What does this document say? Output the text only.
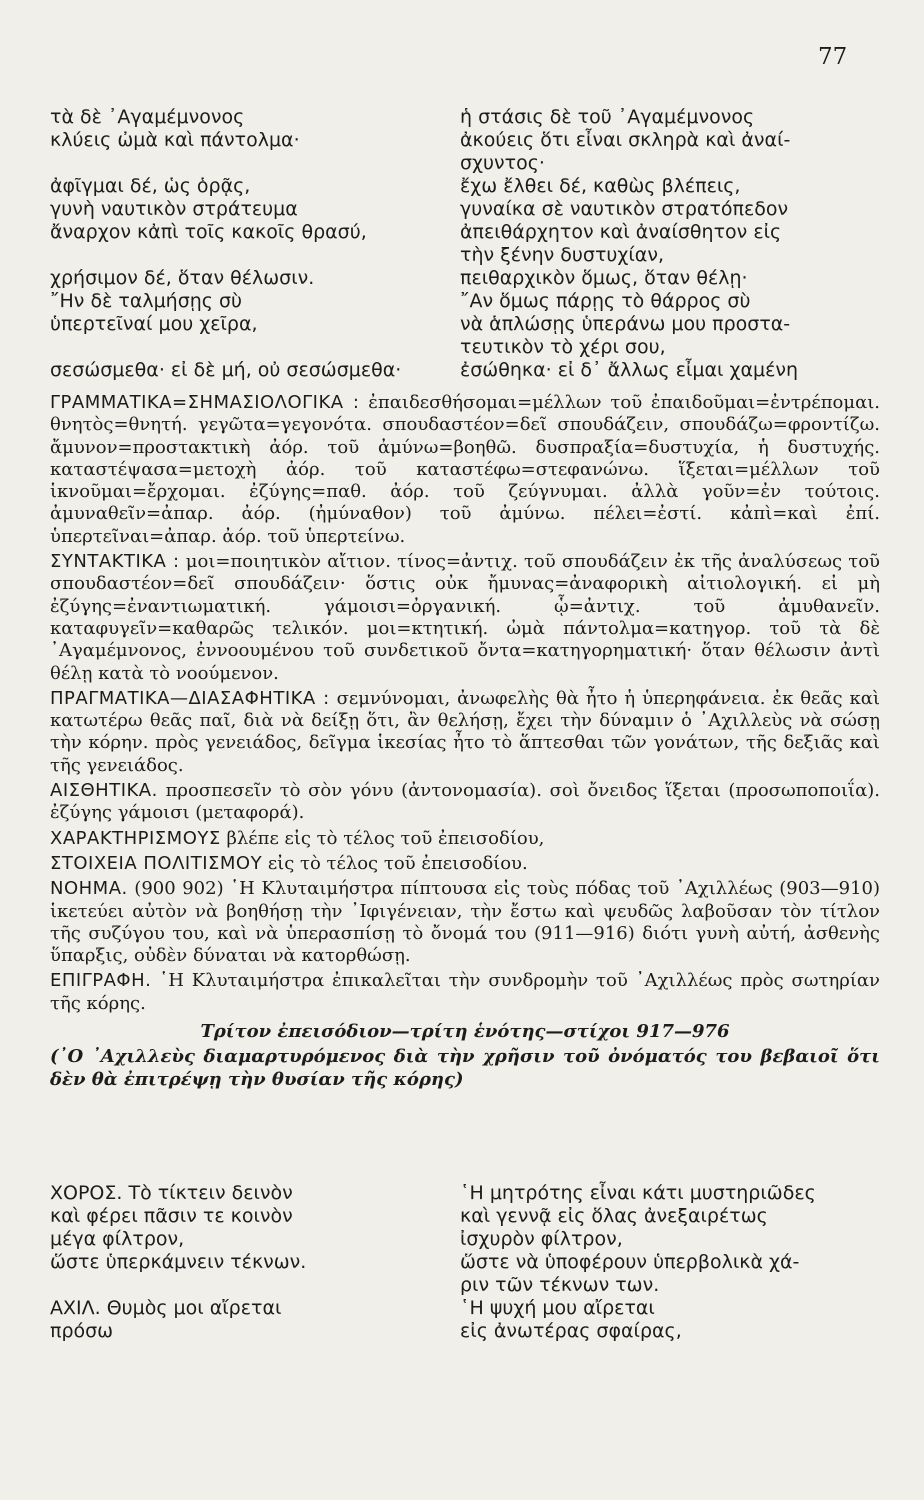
77
τὰ δὲ ᾽Αγαμέμνονος
κλύεις ὠμὰ καὶ πάντολμα·
ἀφῖγμαι δέ, ὡς ὁρᾷς,
γυνὴ ναυτικὸν στράτευμα
ἄναρχον κἀπὶ τοῖς κακοῖς θρασύ,
χρήσιμον δέ, ὅταν θέλωσιν.
῎Ην δὲ ταλμήσῃς σὺ
ὑπερτεῖναί μου χεῖρα,
σεσώσμεθα· εἰ δὲ μή, οὐ σεσώσμεθα·
ἡ στάσις δὲ τοῦ ᾽Αγαμέμνονος
ἀκούεις ὅτι εἶναι σκληρὰ καὶ ἀναί-
σχυντος·
ἔχω ἔλθει δέ, καθὼς βλέπεις,
γυναίκα σὲ ναυτικὸν στρατόπεδον
ἀπειθάρχητον καὶ ἀναίσθητον εἰς
τὴν ξένην δυστυχίαν,
πειθαρχικὸν ὅμως, ὅταν θέλῃ·
῎Αν ὅμως πάρῃς τὸ θάρρος σὺ
νὰ ἁπλώσῃς ὑπεράνω μου προστα-
τευτικὸν τὸ χέρι σου,
ἐσώθηκα· εἰ δ᾽ ἄλλως εἶμαι χαμένη

ΓΡΑΜΜΑΤΙΚΑ=ΣΗΜΑΣΙΟΛΟΓΙΚΑ : ἐπαιδεσθήσομαι=μέλλων τοῦ ἐπαιδοῦμαι=ἐντρέπομαι. θνητὸς=θνητή. γεγῶτα=γεγονότα. σπουδαστέον=δεῖ σπουδάζειν, σπουδάζω=φροντίζω. ἄμυνον=προστακτικὴ ἀόρ. τοῦ ἀμύνω=βοηθῶ. δυσπραξία=δυστυχία, ἡ δυστυχής. καταστέψασα=μετοχὴ ἀόρ. τοῦ καταστέφω=στεφανώνω. ἵξεται=μέλλων τοῦ ἱκνοῦμαι=ἔρχομαι. ἐζύγης=παθ. ἀόρ. τοῦ ζεύγνυμαι. ἀλλὰ γοῦν=ἐν τούτοις. ἀμυναθεῖν=ἀπαρ. ἀόρ. (ἠμύναθον) τοῦ ἀμύνω. πέλει=ἐστί. κἀπὶ=καὶ ἐπί. ὑπερτεῖναι=ἀπαρ. ἀόρ. τοῦ ὑπερτείνω.

ΣΥΝΤΑΚΤΙΚΑ : μοι=ποιητικὸν αἴτιον. τίνος=ἀντιχ. τοῦ σπουδάζειν ἐκ τῆς ἀναλύσεως τοῦ σπουδαστέον=δεῖ σπουδάζειν· ὅστις οὐκ ἤμυνας=ἀναφορικὴ αἰτιολογική. εἰ μὴ ἐζύγης=ἐναντιωματική. γάμοισι=ὀργανική. ᾧ=ἀντιχ. τοῦ ἀμυθανεῖν. καταφυγεῖν=καθαρῶς τελικόν. μοι=κτητική. ὠμὰ πάντολμα=κατηγορ. τοῦ τὰ δὲ ᾽Αγαμέμνονος, ἐννοουμένου τοῦ συνδετικοῦ ὄντα=κατηγορηματική· ὅταν θέλωσιν ἀντὶ θέλῃ κατὰ τὸ νοούμενον.

ΠΡΑΓΜΑΤΙΚΑ—ΔΙΑΣΑΦΗΤΙΚΑ : σεμνύνομαι, ἀνωφελὴς θὰ ἦτο ἡ ὑπερηφάνεια. ἐκ θεᾶς καὶ κατωτέρω θεᾶς παῖ, διὰ νὰ δείξῃ ὅτι, ἂν θελήσῃ, ἔχει τὴν δύναμιν ὁ ᾽Αχιλλεὺς νὰ σώσῃ τὴν κόρην. πρὸς γενειάδος, δεῖγμα ἱκεσίας ἦτο τὸ ἅπτεσθαι τῶν γονάτων, τῆς δεξιᾶς καὶ τῆς γενειάδος.

ΑΙΣΘΗΤΙΚΑ. προσπεσεῖν τὸ σὸν γόνυ (ἀντονομασία). σοὶ ὄνειδος ἵξεται (προσωποποιΐα). ἐζύγης γάμοισι (μεταφορά).

ΧΑΡΑΚΤΗΡΙΣΜΟΥΣ βλέπε εἰς τὸ τέλος τοῦ ἐπεισοδίου,

ΣΤΟΙΧΕΙΑ ΠΟΛΙΤΙΣΜΟΥ εἰς τὸ τέλος τοῦ ἐπεισοδίου.

ΝΟΗΜΑ. (900 902) ῾Η Κλυταιμήστρα πίπτουσα εἰς τοὺς πόδας τοῦ ᾽Αχιλλέως (903—910) ἱκετεύει αὐτὸν νὰ βοηθήσῃ τὴν ᾽Ιφιγένειαν, τὴν ἔστω καὶ ψευδῶς λαβοῦσαν τὸν τίτλον τῆς συζύγου του, καὶ νὰ ὑπερασπίσῃ τὸ ὄνομά του (911—916) διότι γυνὴ αὐτή, ἀσθενὴς ὕπαρξις, οὐδὲν δύναται νὰ κατορθώσῃ.

ΕΠΙΓΡΑΦΗ. ῾Η Κλυταιμήστρα ἐπικαλεῖται τὴν συνδρομὴν τοῦ ᾽Αχιλλέως πρὸς σωτηρίαν τῆς κόρης.

Τρίτον ἐπεισόδιον—τρίτη ἑνότης—στίχοι 917—976

(᾽Ο ᾽Αχιλλεὺς διαμαρτυρόμενος διὰ τὴν χρῆσιν τοῦ ὀνόματός του βεβαιοῖ ὅτι δὲν θὰ ἐπιτρέψῃ τὴν θυσίαν τῆς κόρης)

ΧΟΡΟΣ. Τὸ τίκτειν δεινὸν
καὶ φέρει πᾶσιν τε κοινὸν
μέγα φίλτρον,
ὥστε ὑπερκάμνειν τέκνων.
ΑΧΙΛ. Θυμὸς μοι αἴρεται
πρόσω
῾Η μητρότης εἶναι κάτι μυστηριῶδες
καὶ γεννᾷ εἰς ὅλας ἀνεξαιρέτως
ἰσχυρὸν φίλτρον,
ὥστε νὰ ὑποφέρουν ὑπερβολικὰ χά-
ριν τῶν τέκνων των.
῾Η ψυχή μου αἴρεται
εἰς ἀνωτέρας σφαίρας,
